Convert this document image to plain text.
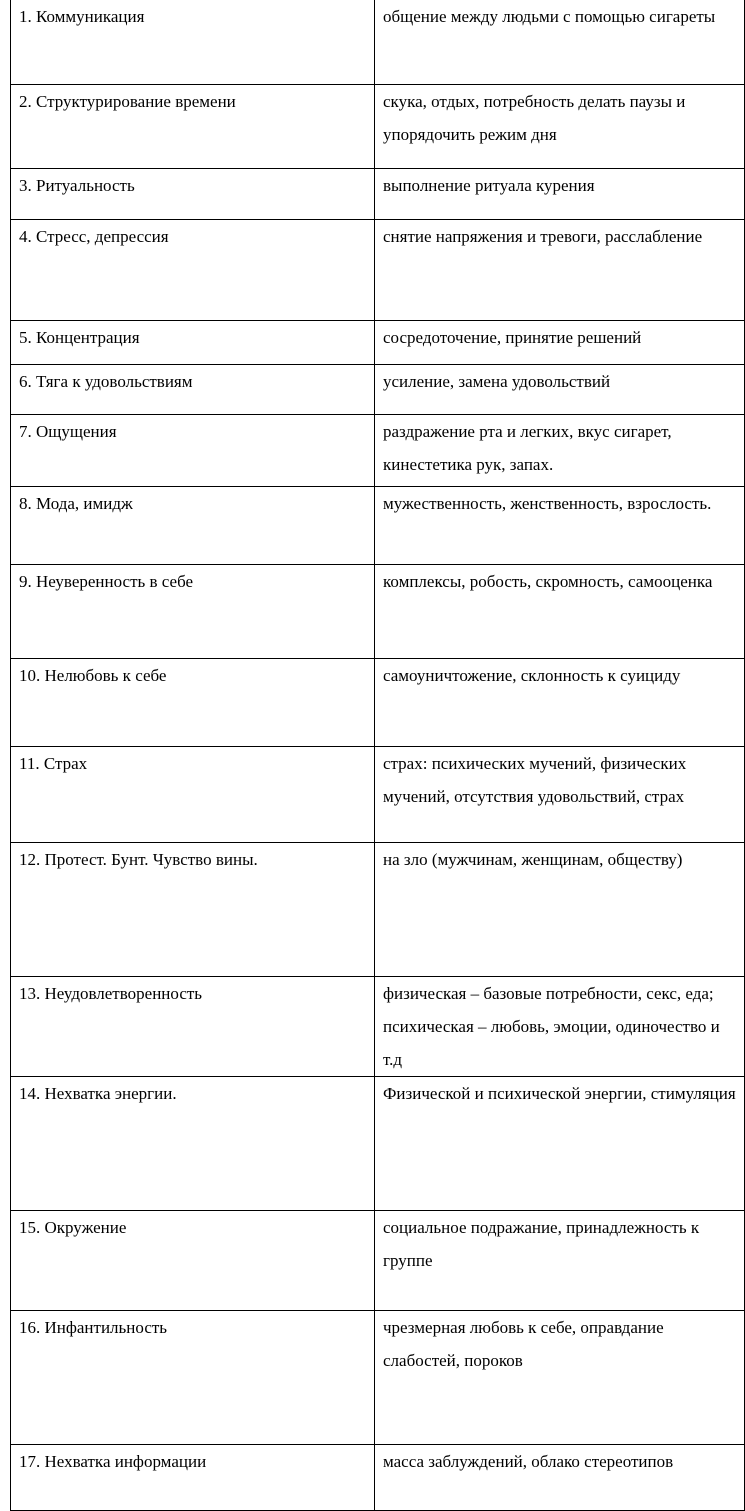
1. Коммуникация	общение между людьми с помощью сигареты
2. Структурирование времени	скука, отдых, потребность делать паузы и упорядочить режим дня
3. Ритуальность	выполнение ритуала курения
4. Стресс, депрессия	снятие напряжения и тревоги, расслабление
5. Концентрация	сосредоточение, принятие решений
6. Тяга к удовольствиям	усиление, замена удовольствий
7. Ощущения	раздражение рта и легких, вкус сигарет, кинестетика рук, запах.
8. Мода, имидж	мужественность, женственность, взрослость.
9. Неуверенность в себе	комплексы, робость, скромность, самооценка
10. Нелюбовь к себе	самоуничтожение, склонность к суициду
11. Страх	страх: психических мучений, физических мучений, отсутствия удовольствий, страх
12. Протест. Бунт. Чувство вины.	на зло (мужчинам, женщинам, обществу)
13. Неудовлетворенность	физическая – базовые потребности, секс, еда; психическая – любовь, эмоции, одиночество и т.д
14. Нехватка энергии.	Физической и психической энергии, стимуляция
15. Окружение	социальное подражание, принадлежность к группе
16. Инфантильность	чрезмерная любовь к себе, оправдание слабостей, пороков
17. Нехватка информации	масса заблуждений, облако стереотипов
